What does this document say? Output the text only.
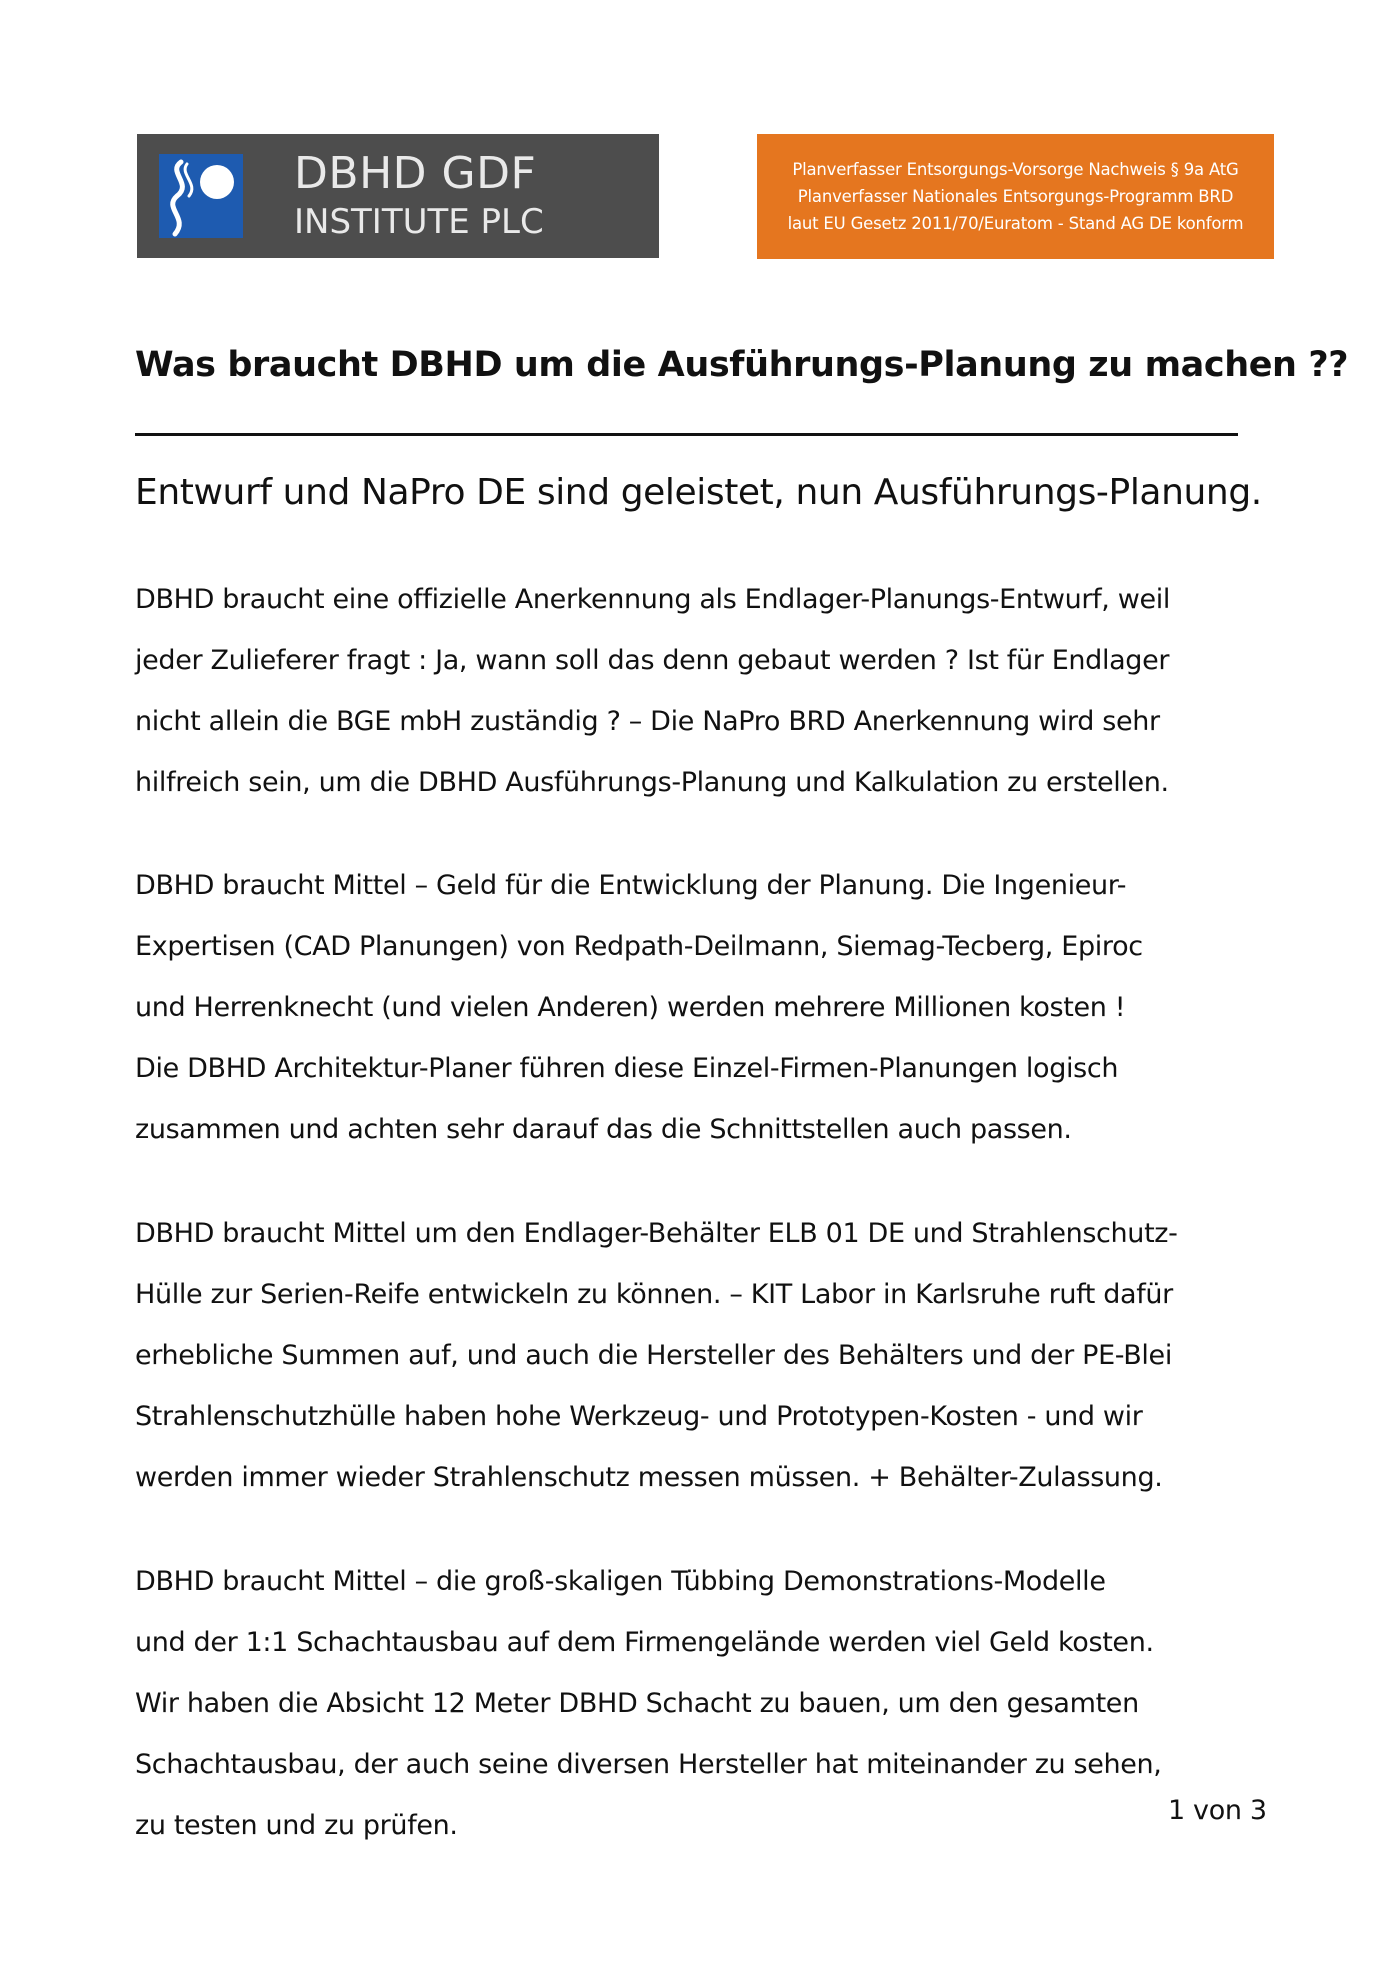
DBHD GDF
INSTITUTE PLC
Planverfasser Entsorgungs-Vorsorge Nachweis § 9a AtG
Planverfasser Nationales Entsorgungs-Programm BRD
laut EU Gesetz 2011/70/Euratom - Stand AG DE konform
Was braucht DBHD um die Ausführungs-Planung zu machen ??
Entwurf und NaPro DE sind geleistet, nun Ausführungs-Planung.

DBHD braucht eine offizielle Anerkennung als Endlager-Planungs-Entwurf, weil
jeder Zulieferer fragt : Ja, wann soll das denn gebaut werden ? Ist für Endlager
nicht allein die BGE mbH zuständig ? – Die NaPro BRD Anerkennung wird sehr
hilfreich sein, um die DBHD Ausführungs-Planung und Kalkulation zu erstellen.

DBHD braucht Mittel – Geld für die Entwicklung der Planung. Die Ingenieur-
Expertisen (CAD Planungen) von Redpath-Deilmann, Siemag-Tecberg, Epiroc
und Herrenknecht (und vielen Anderen) werden mehrere Millionen kosten !
Die DBHD Architektur-Planer führen diese Einzel-Firmen-Planungen logisch
zusammen und achten sehr darauf das die Schnittstellen auch passen.

DBHD braucht Mittel um den Endlager-Behälter ELB 01 DE und Strahlenschutz-
Hülle zur Serien-Reife entwickeln zu können. – KIT Labor in Karlsruhe ruft dafür
erhebliche Summen auf, und auch die Hersteller des Behälters und der PE-Blei
Strahlenschutzhülle haben hohe Werkzeug- und Prototypen-Kosten - und wir
werden immer wieder Strahlenschutz messen müssen. + Behälter-Zulassung.

DBHD braucht Mittel – die groß-skaligen Tübbing Demonstrations-Modelle
und der 1:1 Schachtausbau auf dem Firmengelände werden viel Geld kosten.
Wir haben die Absicht 12 Meter DBHD Schacht zu bauen, um den gesamten
Schachtausbau, der auch seine diversen Hersteller hat miteinander zu sehen,
zu testen und zu prüfen.	1 von 3
